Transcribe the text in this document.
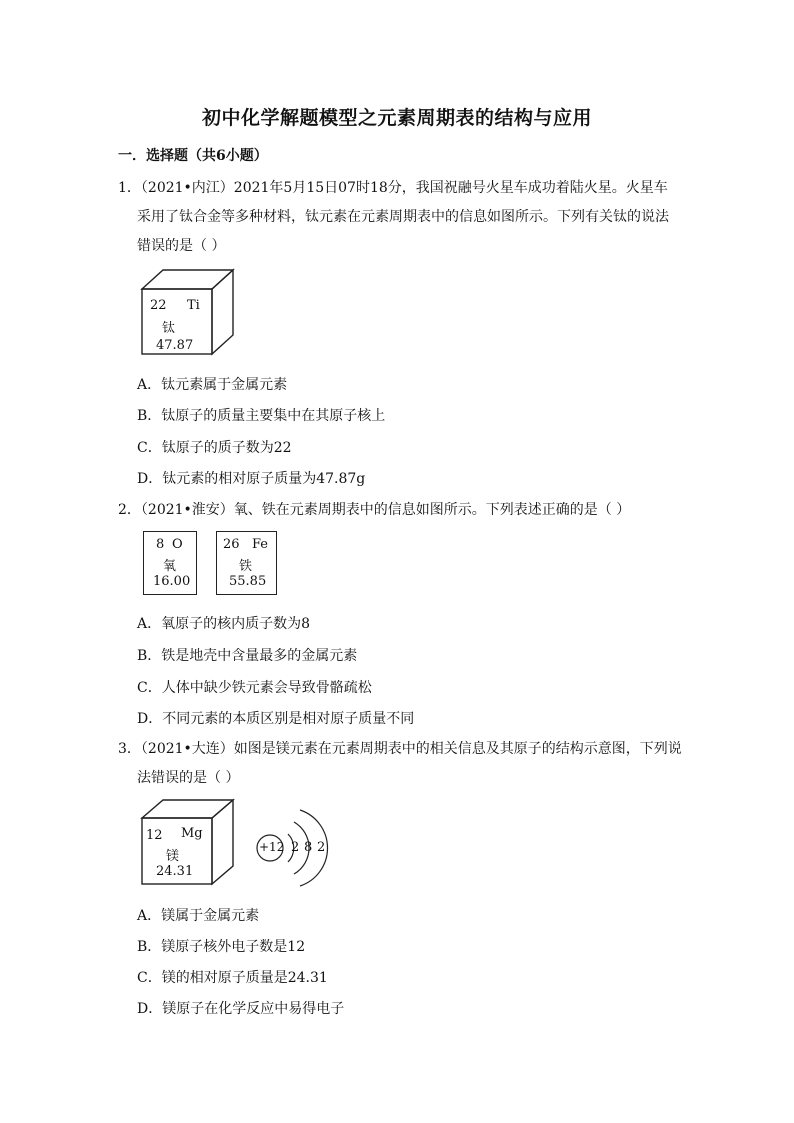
初中化学解题模型之元素周期表的结构与应用
一．选择题（共6小题）
1．（2021•内江）2021年5月15日07时18分，我国祝融号火星车成功着陆火星。火星车
采用了钛合金等多种材料，钛元素在元素周期表中的信息如图所示。下列有关钛的说法
错误的是（ ）
22 Ti
钛
47.87
A．钛元素属于金属元素
B．钛原子的质量主要集中在其原子核上
C．钛原子的质子数为22
D．钛元素的相对原子质量为47.87g
2．（2021•淮安）氧、铁在元素周期表中的信息如图所示。下列表述正确的是（ ）
8 O
氧
16.00
26 Fe
铁
55.85
A．氧原子的核内质子数为8
B．铁是地壳中含量最多的金属元素
C．人体中缺少铁元素会导致骨骼疏松
D．不同元素的本质区别是相对原子质量不同
3．（2021•大连）如图是镁元素在元素周期表中的相关信息及其原子的结构示意图，下列说
法错误的是（ ）
12 Mg
镁
24.31
+12 2 8 2
A．镁属于金属元素
B．镁原子核外电子数是12
C．镁的相对原子质量是24.31
D．镁原子在化学反应中易得电子
